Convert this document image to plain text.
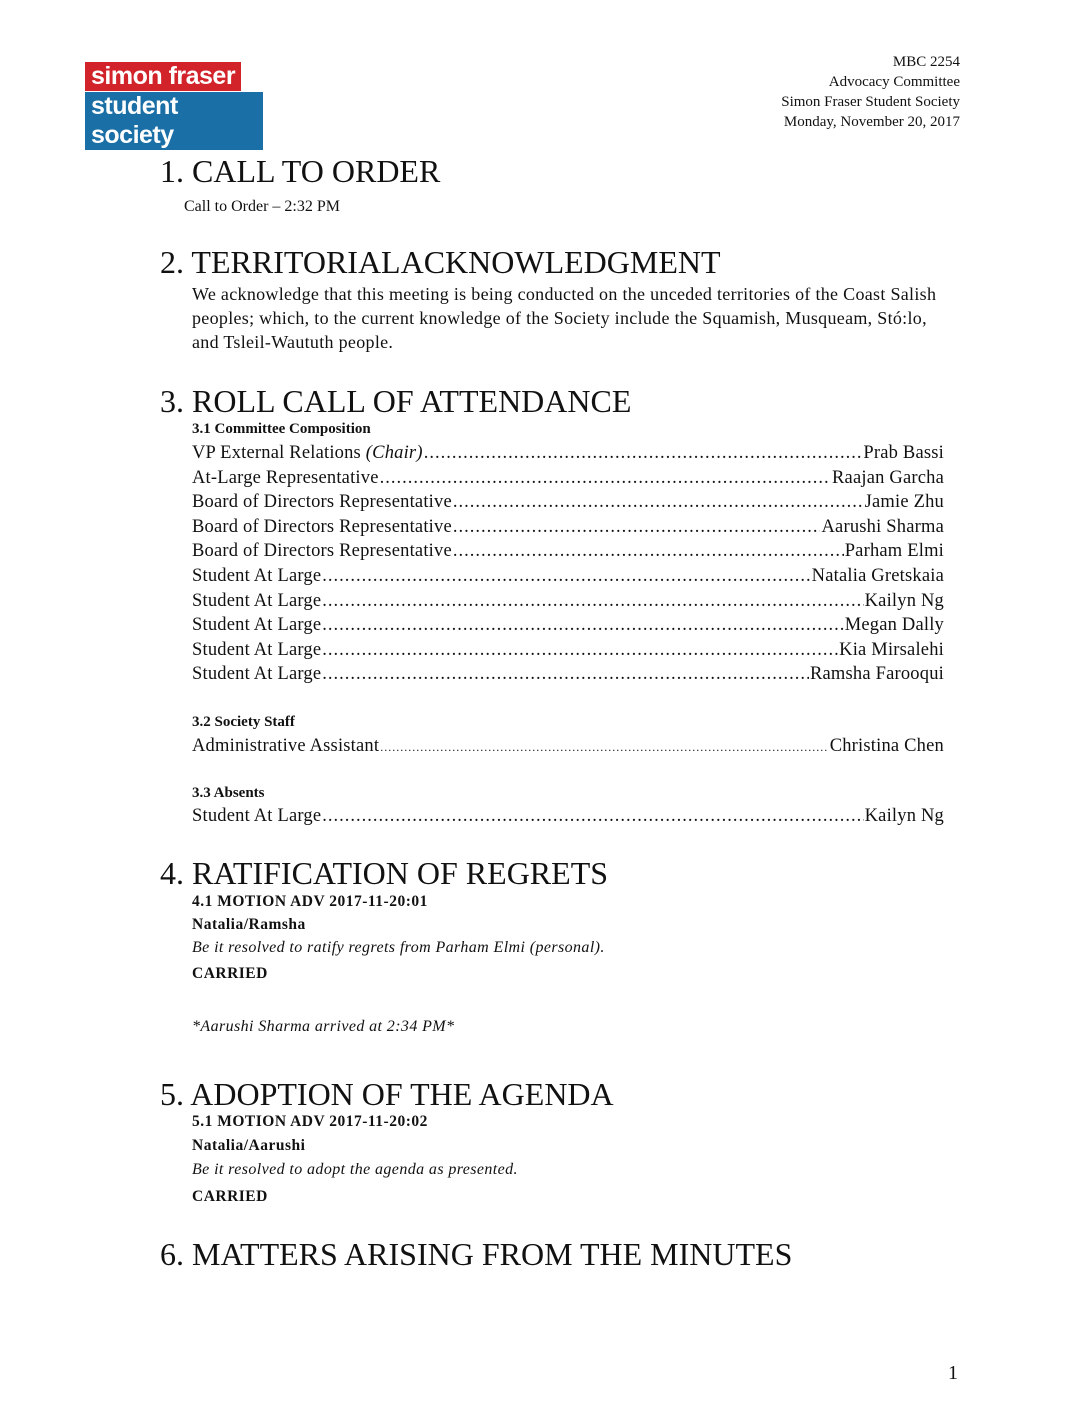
simon fraser
student society
MBC 2254
Advocacy Committee
Simon Fraser Student Society
Monday, November 20, 2017
1. CALL TO ORDER
Call to Order – 2:32 PM
2. TERRITORIALACKNOWLEDGMENT
We acknowledge that this meeting is being conducted on the unceded territories of the Coast Salish peoples; which, to the current knowledge of the Society include the Squamish, Musqueam, Stó:lo, and Tsleil-Waututh people.
3. ROLL CALL OF ATTENDANCE
3.1 Committee Composition
VP External Relations (Chair) .....	Prab Bassi
At-Large Representative .....	Raajan Garcha
Board of Directors Representative .....	Jamie Zhu
Board of Directors Representative .....	Aarushi Sharma
Board of Directors Representative .....	Parham Elmi
Student At Large .....	Natalia Gretskaia
Student At Large .....	Kailyn Ng
Student At Large .....	Megan Dally
Student At Large .....	Kia Mirsalehi
Student At Large .....	Ramsha Farooqui
3.2 Society Staff
Administrative Assistant .....	Christina Chen
3.3 Absents
Student At Large .....	Kailyn Ng
4. RATIFICATION OF REGRETS
4.1 MOTION ADV 2017-11-20:01
Natalia/Ramsha
Be it resolved to ratify regrets from Parham Elmi (personal).
CARRIED
*Aarushi Sharma arrived at 2:34 PM*
5. ADOPTION OF THE AGENDA
5.1 MOTION ADV 2017-11-20:02
Natalia/Aarushi
Be it resolved to adopt the agenda as presented.
CARRIED
6. MATTERS ARISING FROM THE MINUTES
1
